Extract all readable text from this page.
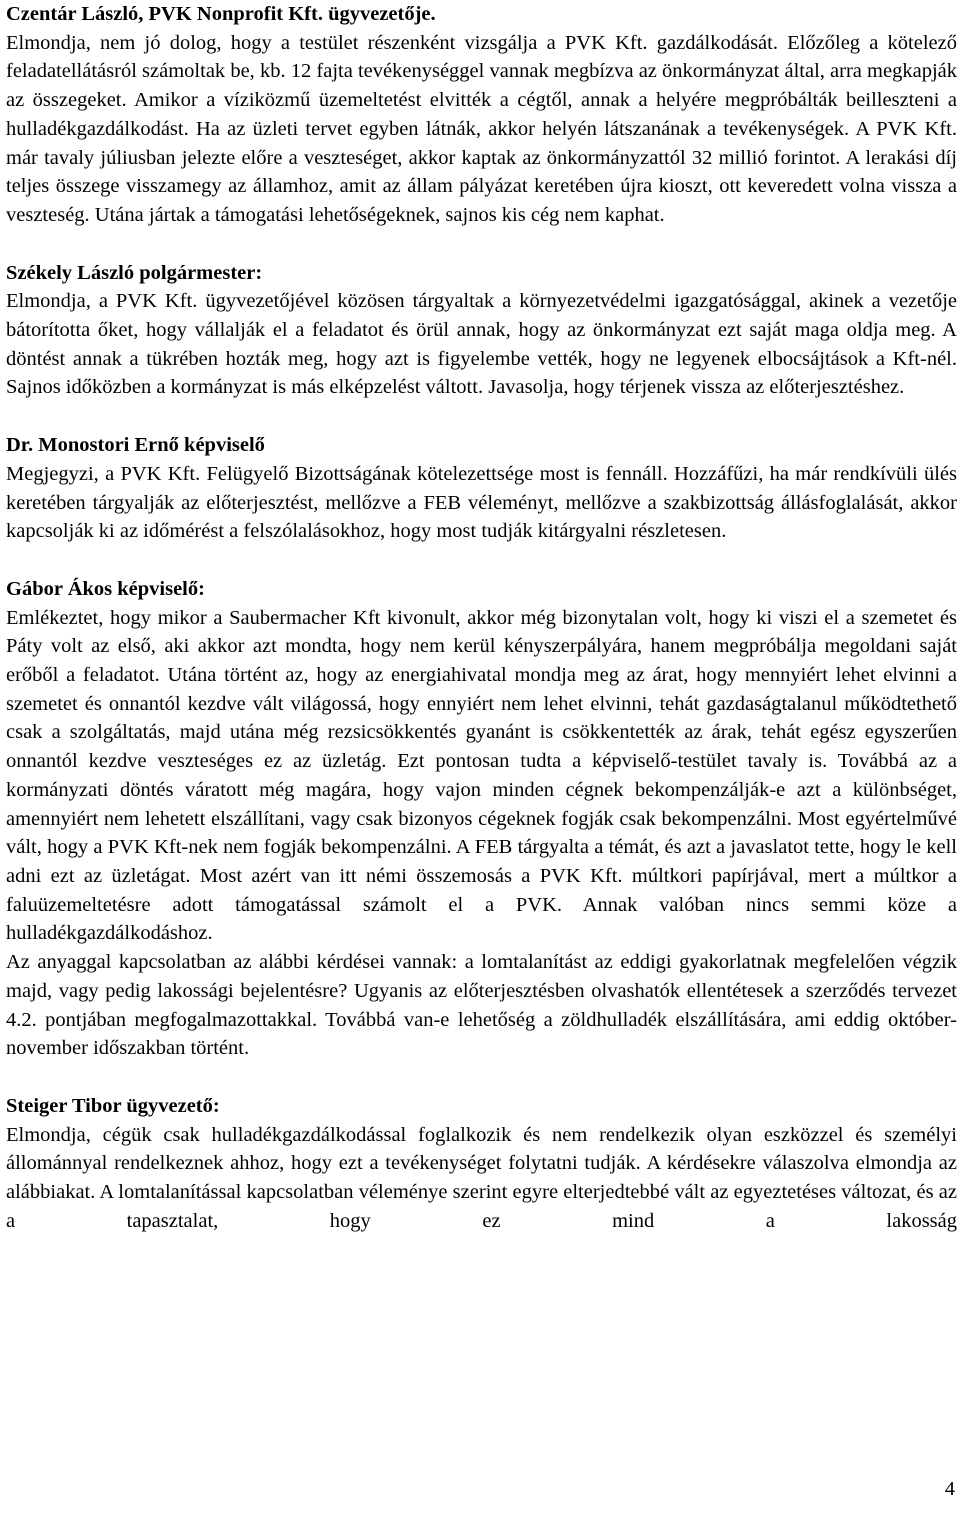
Czentár László, PVK Nonprofit Kft. ügyvezetője.

Elmondja, nem jó dolog, hogy a testület részenként vizsgálja a PVK Kft. gazdálkodását. Előzőleg a kötelező feladatellátásról számoltak be, kb. 12 fajta tevékenységgel vannak megbízva az önkormányzat által, arra megkapják az összegeket. Amikor a víziközmű üzemeltetést elvitték a cégtől, annak a helyére megpróbálták beilleszteni a hulladékgazdálkodást. Ha az üzleti tervet egyben látnák, akkor helyén látszanának a tevékenységek. A PVK Kft. már tavaly júliusban jelezte előre a veszteséget, akkor kaptak az önkormányzattól 32 millió forintot. A lerakási díj teljes összege visszamegy az államhoz, amit az állam pályázat keretében újra kioszt, ott keveredett volna vissza a veszteség. Utána jártak a támogatási lehetőségeknek, sajnos kis cég nem kaphat.

Székely László polgármester:

Elmondja, a PVK Kft. ügyvezetőjével közösen tárgyaltak a környezetvédelmi igazgatósággal, akinek a vezetője bátorította őket, hogy vállalják el a feladatot és örül annak, hogy az önkormányzat ezt saját maga oldja meg. A döntést annak a tükrében hozták meg, hogy azt is figyelembe vették, hogy ne legyenek elbocsájtások a Kft-nél. Sajnos időközben a kormányzat is más elképzelést váltott. Javasolja, hogy térjenek vissza az előterjesztéshez.

Dr. Monostori Ernő képviselő

Megjegyzi, a PVK Kft. Felügyelő Bizottságának kötelezettsége most is fennáll. Hozzáfűzi, ha már rendkívüli ülés keretében tárgyalják az előterjesztést, mellőzve a FEB véleményt, mellőzve a szakbizottság állásfoglalását, akkor kapcsolják ki az időmérést a felszólalásokhoz, hogy most tudják kitárgyalni részletesen.

Gábor Ákos képviselő:

Emlékeztet, hogy mikor a Saubermacher Kft kivonult, akkor még bizonytalan volt, hogy ki viszi el a szemetet és Páty volt az első, aki akkor azt mondta, hogy nem kerül kényszerpályára, hanem megpróbálja megoldani saját erőből a feladatot. Utána történt az, hogy az energiahivatal mondja meg az árat, hogy mennyiért lehet elvinni a szemetet és onnantól kezdve vált világossá, hogy ennyiért nem lehet elvinni, tehát gazdaságtalanul működtethető csak a szolgáltatás, majd utána még rezsicsökkentés gyanánt is csökkentették az árak, tehát egész egyszerűen onnantól kezdve veszteséges ez az üzletág. Ezt pontosan tudta a képviselő-testület tavaly is. Továbbá az a kormányzati döntés váratott még magára, hogy vajon minden cégnek bekompenzálják-e azt a különbséget, amennyiért nem lehetett elszállítani, vagy csak bizonyos cégeknek fogják csak bekompenzálni. Most egyértelművé vált, hogy a PVK Kft-nek nem fogják bekompenzálni. A FEB tárgyalta a témát, és azt a javaslatot tette, hogy le kell adni ezt az üzletágat. Most azért van itt némi összemosás a PVK Kft. múltkori papírjával, mert a múltkor a faluüzemeltetésre adott támogatással számolt el a PVK. Annak valóban nincs semmi köze a hulladékgazdálkodáshoz.

Az anyaggal kapcsolatban az alábbi kérdései vannak: a lomtalanítást az eddigi gyakorlatnak megfelelően végzik majd, vagy pedig lakossági bejelentésre? Ugyanis az előterjesztésben olvashatók ellentétesek a szerződés tervezet 4.2. pontjában megfogalmazottakkal. Továbbá van-e lehetőség a zöldhulladék elszállítására, ami eddig október-november időszakban történt.

Steiger Tibor ügyvezető:

Elmondja, cégük csak hulladékgazdálkodással foglalkozik és nem rendelkezik olyan eszközzel és személyi állománnyal rendelkeznek ahhoz, hogy ezt a tevékenységet folytatni tudják. A kérdésekre válaszolva elmondja az alábbiakat. A lomtalanítással kapcsolatban véleménye szerint egyre elterjedtebbé vált az egyeztetéses változat, és az a tapasztalat, hogy ez mind a lakosság

4
